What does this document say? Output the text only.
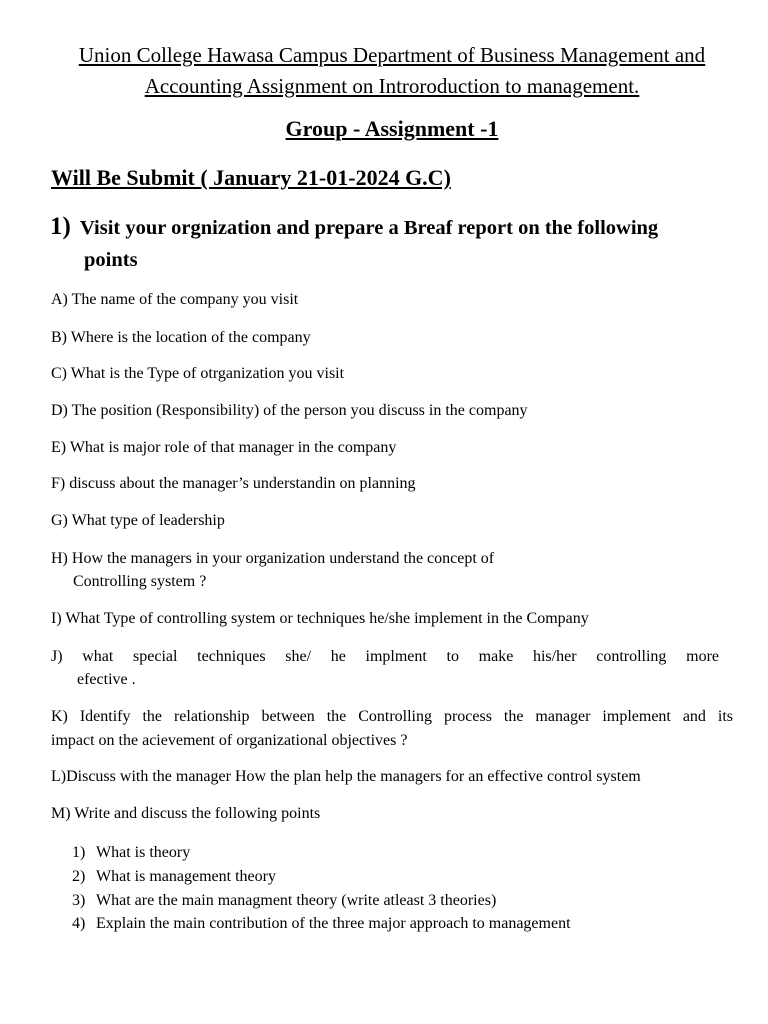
Union College Hawasa Campus Department of Business Management and
Accounting Assignment on Introroduction to management.
Group - Assignment -1
Will Be Submit ( January 21-01-2024 G.C)
1) Visit your orgnization and prepare a Breaf report on the following
points
A) The name of the company you visit
B) Where is the location of the company
C) What is the Type of otrganization you visit
D) The position (Responsibility) of the person you discuss in the company
E) What is major role of that manager in the company
F) discuss about the manager’s understandin on planning
G) What type of leadership
H) How the managers in your organization understand the concept of
Controlling system ?
I) What Type of controlling system or techniques he/she implement in the Company
J) what special techniques she/ he implment to make his/her controlling more
efective .
K) Identify the relationship between the Controlling process the manager implement and its
impact on the acievement of organizational objectives ?
L)Discuss with the manager How the plan help the managers for an effective control system
M) Write and discuss the following points
1) What is theory
2) What is management theory
3) What are the main managment theory (write atleast 3 theories)
4) Explain the main contribution of the three major approach to management
